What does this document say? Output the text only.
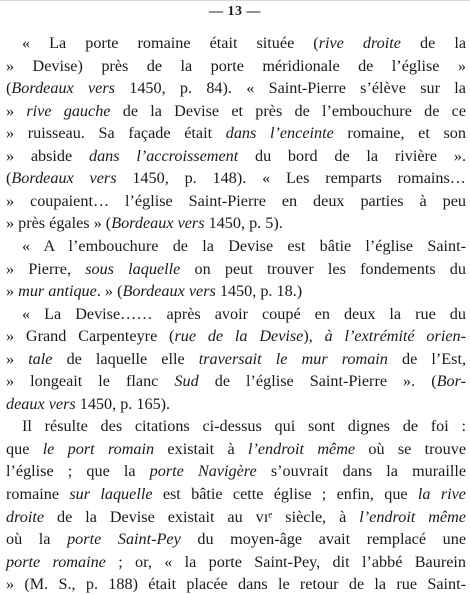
— 13 —
« La porte romaine était située (rive droite de la
» Devise) près de la porte méridionale de l’église »
(Bordeaux vers 1450, p. 84). « Saint-Pierre s’élève sur la
» rive gauche de la Devise et près de l’embouchure de ce
» ruisseau. Sa façade était dans l’enceinte romaine, et son
» abside dans l’accroissement du bord de la rivière ».
(Bordeaux vers 1450, p. 148). « Les remparts romains…
» coupaient… l’église Saint-Pierre en deux parties à peu
» près égales » (Bordeaux vers 1450, p. 5).
« A l’embouchure de la Devise est bâtie l’église Saint-
» Pierre, sous laquelle on peut trouver les fondements du
» mur antique. » (Bordeaux vers 1450, p. 18.)
« La Devise…… après avoir coupé en deux la rue du
» Grand Carpenteyre (rue de la Devise), à l’extrémité orien-
» tale de laquelle elle traversait le mur romain de l’Est,
» longeait le flanc Sud de l’église Saint-Pierre ». (Bor-
deaux vers 1450, p. 165).
Il résulte des citations ci-dessus qui sont dignes de foi :
que le port romain existait à l’endroit même où se trouve
l’église ; que la porte Navigère s’ouvrait dans la muraille
romaine sur laquelle est bâtie cette église ; enfin, que la rive
droite de la Devise existait au vɪᵉ siècle, à l’endroit même
où la porte Saint-Pey du moyen-âge avait remplacé une
porte romaine ; or, « la porte Saint-Pey, dit l’abbé Baurein
» (M. S., p. 188) était placée dans le retour de la rue Saint-
